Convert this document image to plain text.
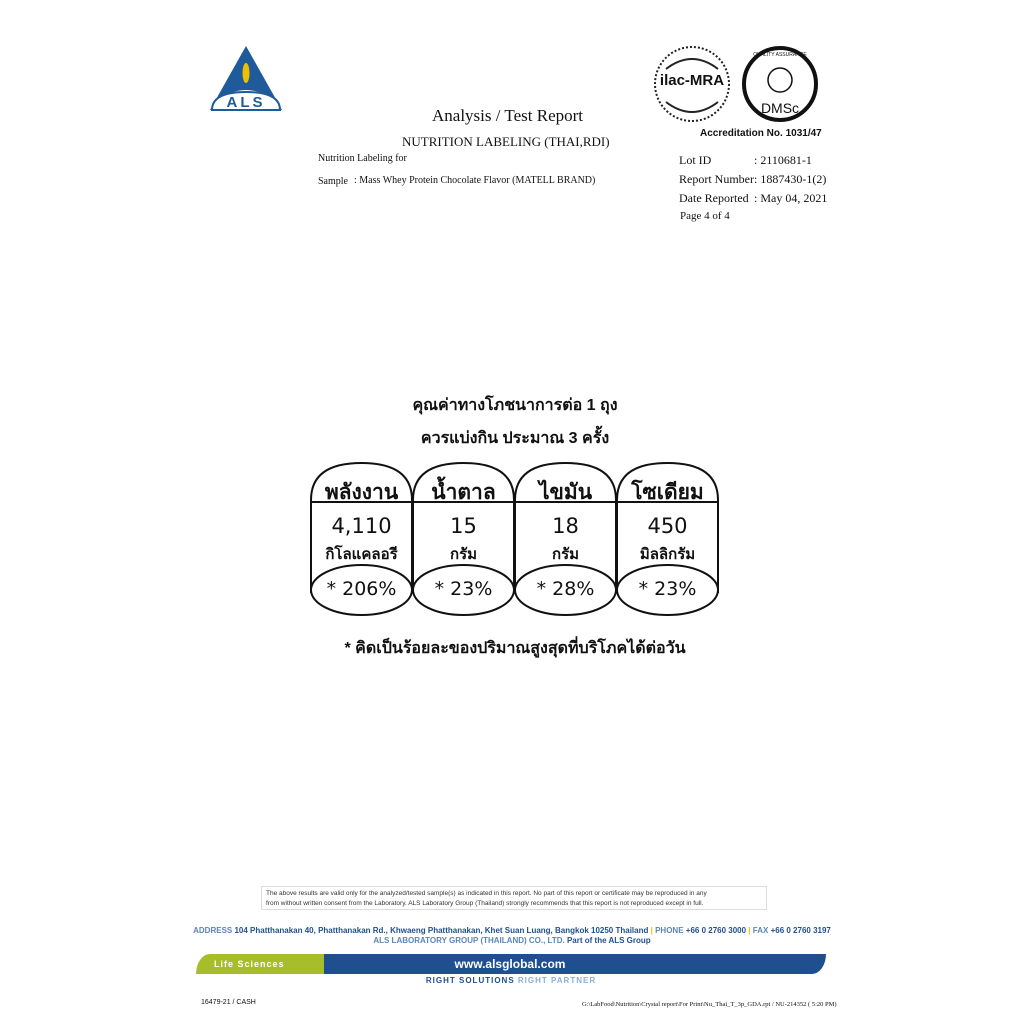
ALS
Analysis / Test Report
NUTRITION LABELING (THAI,RDI)
Nutrition Labeling for
Sample : Mass Whey Protein Chocolate Flavor (MATELL BRAND)
ilac-MRA
QUALITY ASSURANCE
DMSc
Accreditation No. 1031/47
Lot ID	: 2110681-1
Report Number : 1887430-1(2)
Date Reported : May 04, 2021
Page 4 of 4
คุณค่าทางโภชนาการต่อ 1 ถุง
ควรแบ่งกิน ประมาณ 3 ครั้ง
พลังงาน
4,110
กิโลแคลอรี
* 206%
น้ำตาล
15
กรัม
* 23%
ไขมัน
18
กรัม
* 28%
โซเดียม
450
มิลลิกรัม
* 23%
* คิดเป็นร้อยละของปริมาณสูงสุดที่บริโภคได้ต่อวัน
The above results are valid only for the analyzed/tested sample(s) as indicated in this report. No part of this report or certificate may be reproduced in any
from without written consent from the Laboratory. ALS Laboratory Group (Thailand) strongly recommends that this report is not reproduced except in full.
ADDRESS 104 Phatthanakan 40, Phatthanakan Rd., Khwaeng Phatthanakan, Khet Suan Luang, Bangkok 10250 Thailand | PHONE +66 0 2760 3000 | FAX +66 0 2760 3197
ALS LABORATORY GROUP (THAILAND) CO., LTD. Part of the ALS Group
Life Sciences	www.alsglobal.com
RIGHT SOLUTIONS RIGHT PARTNER
16479-21 / CASH	G:\LabFood\Nutrition\Crystal report\For Print\Nu_Thai_T_3p_GDA.rpt / NU-214352 ( 5:20 PM)
